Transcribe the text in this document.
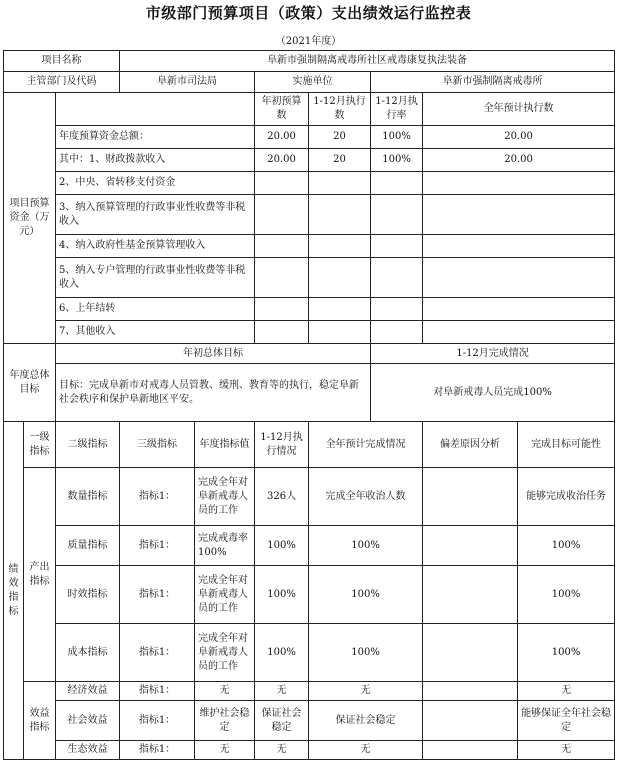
市级部门预算项目（政策）支出绩效运行监控表
（2021年度）
项目名称			阜新市强制隔离戒毒所社区戒毒康复执法装备						
主管部门及代码			阜新市司法局		实施单位		阜新市强制隔离戒毒所		
项目预算资金（万元）					年初预算数	1-12月执行数	1-12月执行率	全年预计执行数	
		年度预算资金总额：			20.00	20	100%	20.00	
		其中：1、财政拨款收入			20.00	20	100%	20.00	
		2、中央、省转移支付资金							
		3、纳入预算管理的行政事业性收费等非税收入							
		4、纳入政府性基金预算管理收入							
		5、纳入专户管理的行政事业性收费等非税收入							
		6、上年结转							
		7、其他收入							
年度总体目标		年初总体目标					1-12月完成情况		
		目标：完成阜新市对戒毒人员管教、缓刑、教育等的执行，稳定阜新社会秩序和保护阜新地区平安。					对阜新戒毒人员完成100%		
绩效指标	一级指标	二级指标	三级指标	年度指标值	1-12月执行情况	全年预计完成情况		偏差原因分析	完成目标可能性
	产出指标	数量指标	指标1：	完成全年对阜新戒毒人员的工作	326人	完成全年收治人数			能够完成收治任务
		质量指标	指标1：	完成戒毒率100%	100%	100%			100%
		时效指标	指标1：	完成全年对阜新戒毒人员的工作	100%	100%			100%
		成本指标	指标1：	完成全年对阜新戒毒人员的工作	100%	100%			100%
	效益指标	经济效益	指标1：	无	无	无			无
		社会效益	指标1：	维护社会稳定	保证社会稳定	保证社会稳定			能够保证全年社会稳定
		生态效益	指标1：	无	无	无			无
